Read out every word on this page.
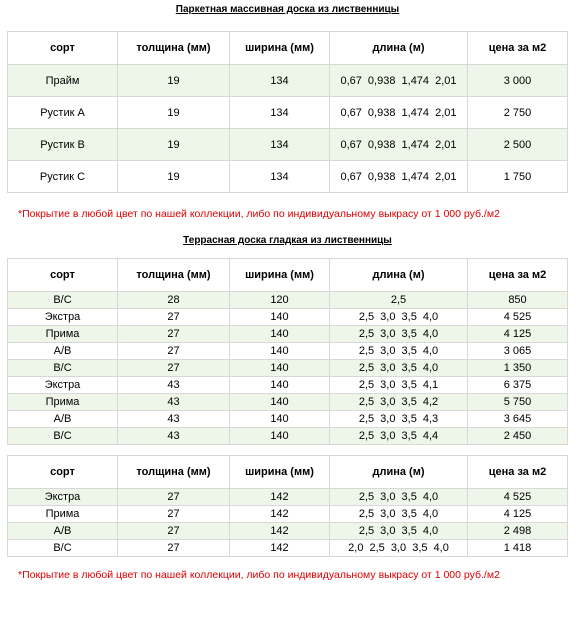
Паркетная массивная доска из лиственницы
сорт	толщина (мм)	ширина (мм)	длина (м)	цена за м2
Прайм	19	134	0,67 0,938 1,474 2,01	3 000
Рустик А	19	134	0,67 0,938 1,474 2,01	2 750
Рустик В	19	134	0,67 0,938 1,474 2,01	2 500
Рустик С	19	134	0,67 0,938 1,474 2,01	1 750
*Покрытие в любой цвет по нашей коллекции, либо по индивидуальному выкрасу от 1 000 руб./м2
Террасная доска гладкая из лиственницы
сорт	толщина (мм)	ширина (мм)	длина (м)	цена за м2
В/С	28	120	2,5	850
Экстра	27	140	2,5 3,0 3,5 4,0	4 525
Прима	27	140	2,5 3,0 3,5 4,0	4 125
А/В	27	140	2,5 3,0 3,5 4,0	3 065
В/С	27	140	2,5 3,0 3,5 4,0	1 350
Экстра	43	140	2,5 3,0 3,5 4,1	6 375
Прима	43	140	2,5 3,0 3,5 4,2	5 750
А/В	43	140	2,5 3,0 3,5 4,3	3 645
В/С	43	140	2,5 3,0 3,5 4,4	2 450
сорт	толщина (мм)	ширина (мм)	длина (м)	цена за м2
Экстра	27	142	2,5 3,0 3,5 4,0	4 525
Прима	27	142	2,5 3,0 3,5 4,0	4 125
А/В	27	142	2,5 3,0 3,5 4,0	2 498
В/С	27	142	2,0 2,5 3,0 3,5 4,0	1 418
*Покрытие в любой цвет по нашей коллекции, либо по индивидуальному выкрасу от 1 000 руб./м2
